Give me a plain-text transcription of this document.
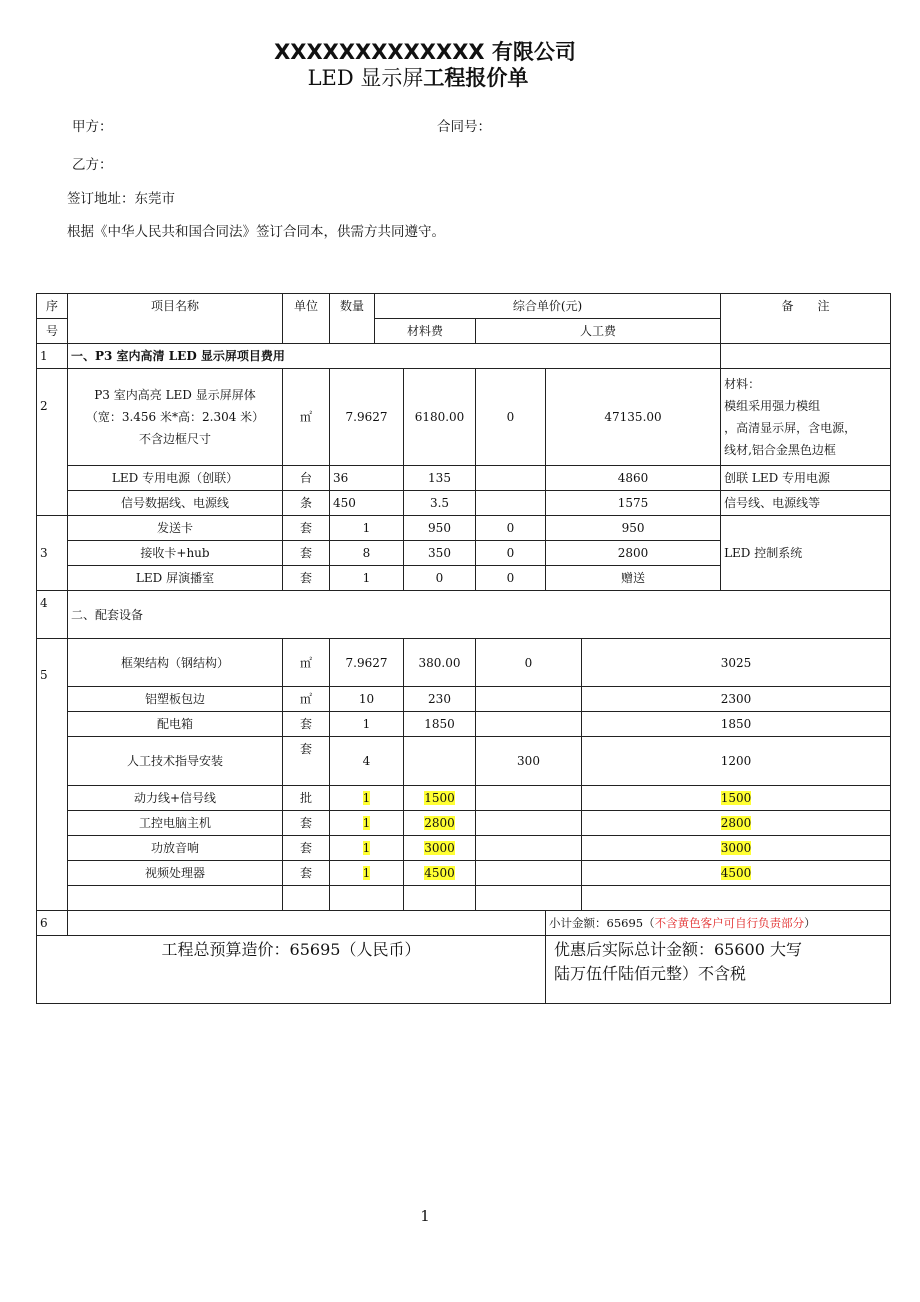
XXXXXXXXXXXXX 有限公司
LED 显示屏工程报价单
甲方：	合同号：
乙方：
签订地址：东莞市
根据《中华人民共和国合同法》签订合同本，供需方共同遵守。
序	项目名称	单位	数量	综合单价(元)					备　　注	
号				材料费		人工费				
1	一、P3 室内高清 LED 显示屏项目费用									
2	P3 室内高亮 LED 显示屏屏体
（宽：3.456 米*高：2.304 米）
不含边框尺寸	㎡	7.9627		6180.00	0	47135.00		材料：
模组采用强力模组
，高清显示屏，含电源，
线材,铝合金黑色边框	
	LED 专用电源（创联）	台	36		135		4860		创联 LED 专用电源	
	信号数据线、电源线	条	450		3.5		1575		信号线、电源线等	
3	发送卡	套	1		950	0	950		LED 控制系统	
	接收卡+hub	套	8		350	0	2800			
	LED 屏演播室	套	1		0	0	赠送			
4	二、配套设备									
5	框架结构（钢结构）	㎡	7.9627		380.00	0		3025	

	铝塑板包边	㎡	10		230			2300	
	配电箱	套	1		1850			1850	
	人工技术指导安装	套	4			300		1200	

	动力线+信号线	批	1		1500			1500	
	工控电脑主机	套	1		2800			2800	
	功放音响	套	1		3000			3000	
	视频处理器	套	1		4500			4500	

6							小计金额：65695（不含黄色客户可自行负责部分）			
工程总预算造价：65695（人民币）							优惠后实际总计金额：65600 大写
陆万伍仟陆佰元整）不含税			
1
